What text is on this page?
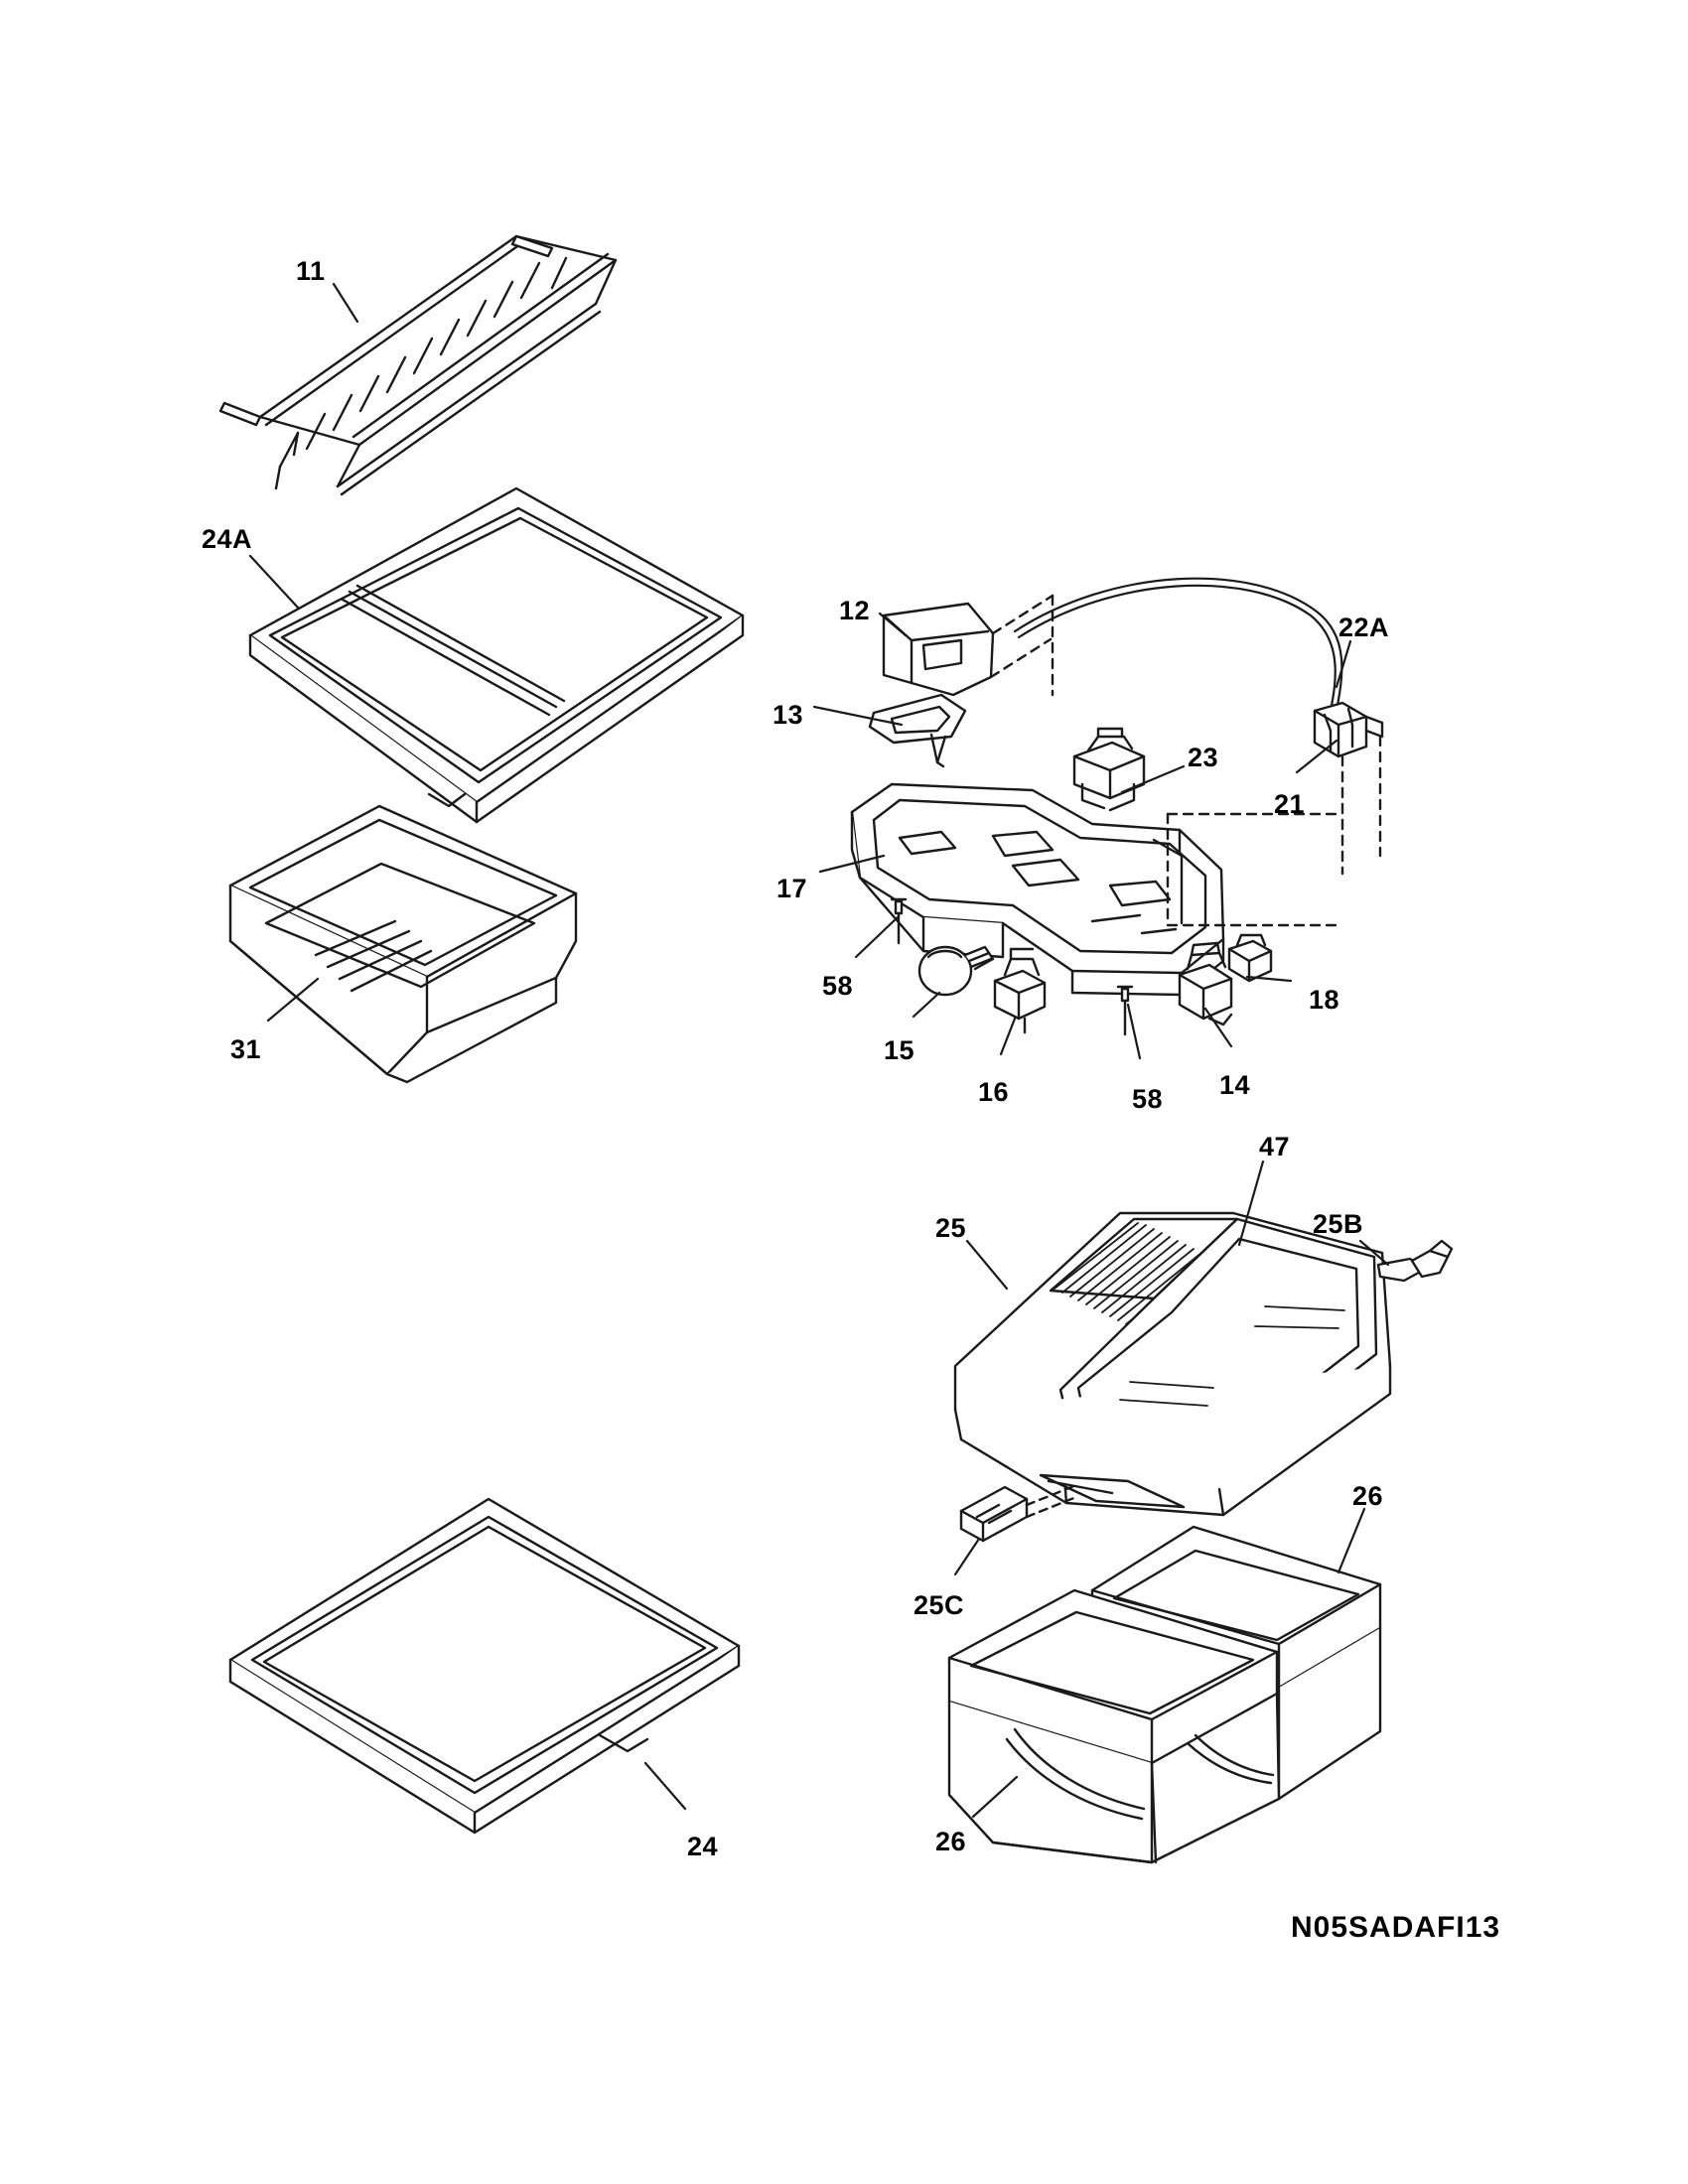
11
24A
31
12
13
17
23
22A
21
58
15
16	58 14
18
47
25	25B
25C
26
26
24
N05SADAFI13
